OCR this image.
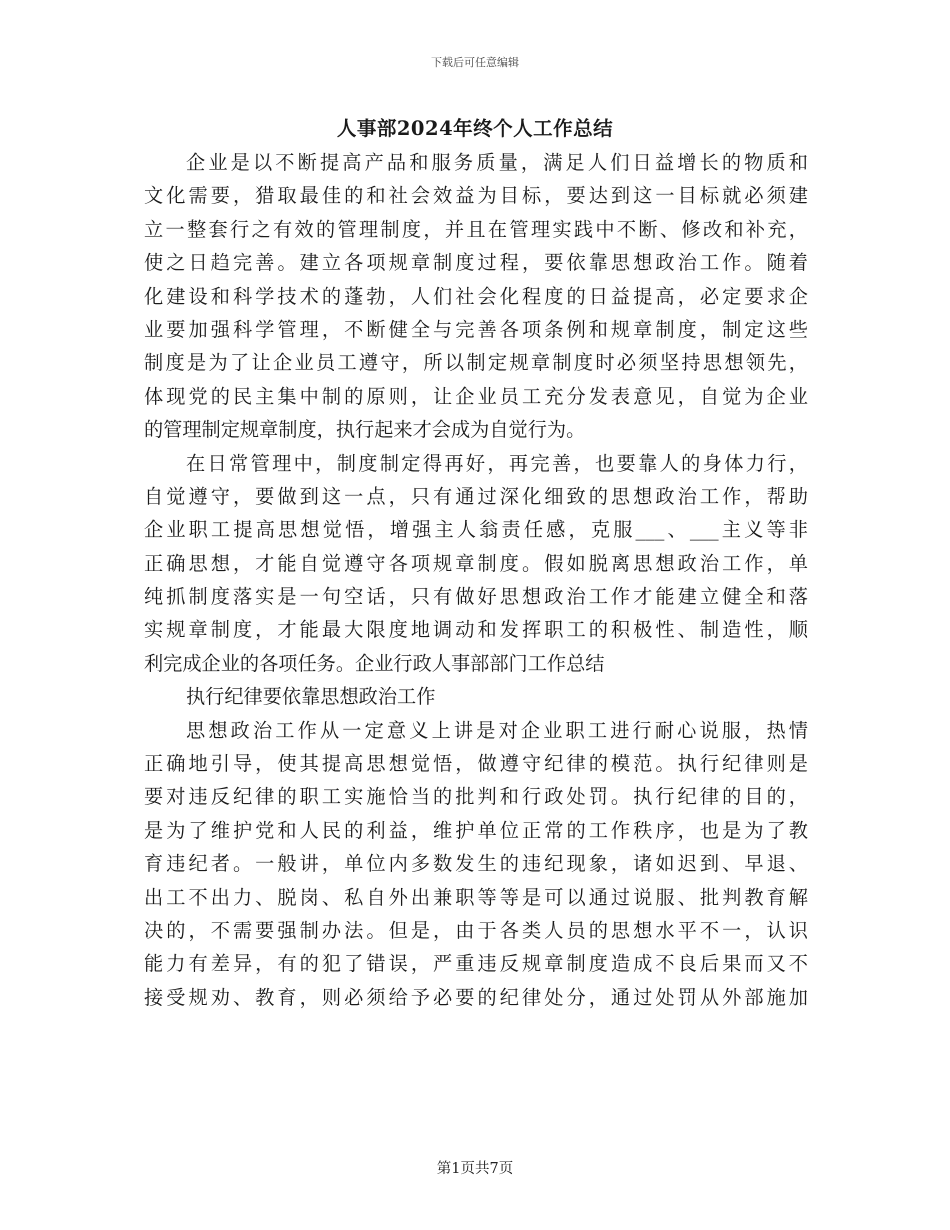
下载后可任意编辑
人事部2024年终个人工作总结
企业是以不断提高产品和服务质量，满足人们日益增长的物质和
文化需要，猎取最佳的和社会效益为目标，要达到这一目标就必须建
立一整套行之有效的管理制度，并且在管理实践中不断、修改和补充，
使之日趋完善。建立各项规章制度过程，要依靠思想政治工作。随着
化建设和科学技术的蓬勃，人们社会化程度的日益提高，必定要求企
业要加强科学管理，不断健全与完善各项条例和规章制度，制定这些
制度是为了让企业员工遵守，所以制定规章制度时必须坚持思想领先，
体现党的民主集中制的原则，让企业员工充分发表意见，自觉为企业
的管理制定规章制度，执行起来才会成为自觉行为。
在日常管理中，制度制定得再好，再完善，也要靠人的身体力行，
自觉遵守，要做到这一点，只有通过深化细致的思想政治工作，帮助
企业职工提高思想觉悟，增强主人翁责任感，克服___、___主义等非
正确思想，才能自觉遵守各项规章制度。假如脱离思想政治工作，单
纯抓制度落实是一句空话，只有做好思想政治工作才能建立健全和落
实规章制度，才能最大限度地调动和发挥职工的积极性、制造性，顺
利完成企业的各项任务。企业行政人事部部门工作总结
执行纪律要依靠思想政治工作
思想政治工作从一定意义上讲是对企业职工进行耐心说服，热情
正确地引导，使其提高思想觉悟，做遵守纪律的模范。执行纪律则是
要对违反纪律的职工实施恰当的批判和行政处罚。执行纪律的目的，
是为了维护党和人民的利益，维护单位正常的工作秩序，也是为了教
育违纪者。一般讲，单位内多数发生的违纪现象，诸如迟到、早退、
出工不出力、脱岗、私自外出兼职等等是可以通过说服、批判教育解
决的，不需要强制办法。但是，由于各类人员的思想水平不一，认识
能力有差异，有的犯了错误，严重违反规章制度造成不良后果而又不
接受规劝、教育，则必须给予必要的纪律处分，通过处罚从外部施加
第1页共7页
